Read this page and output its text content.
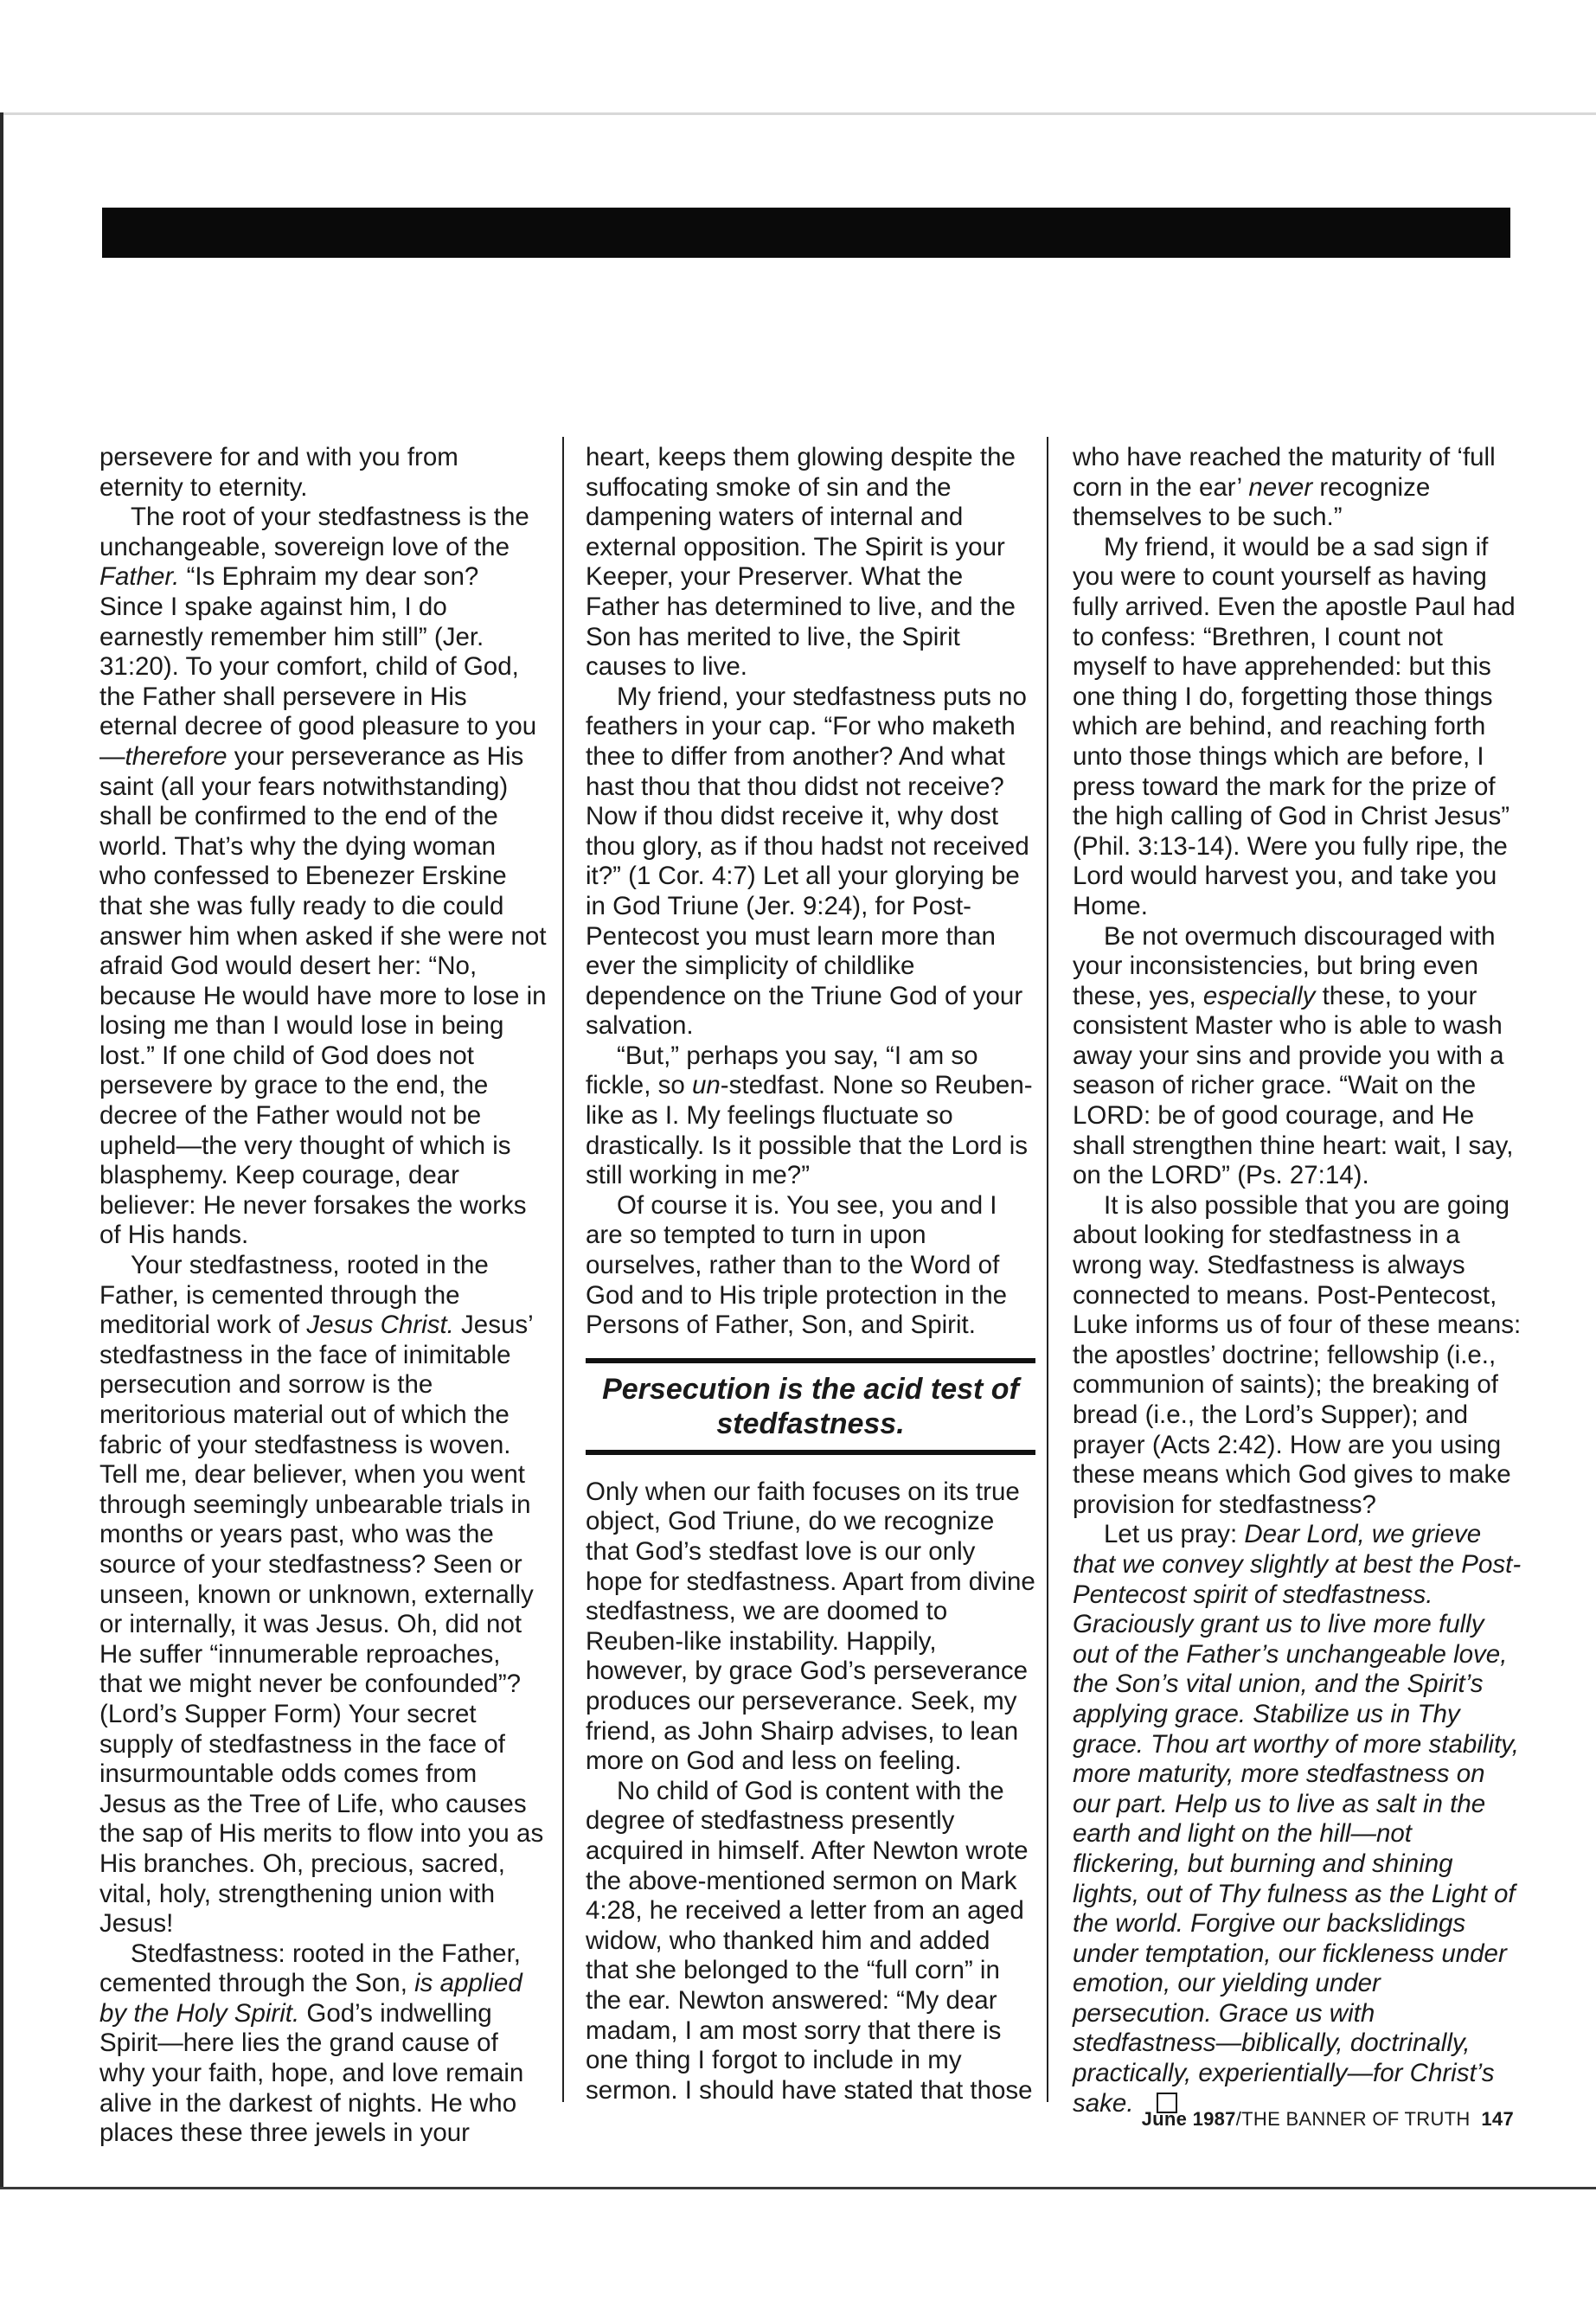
persevere for and with you from eternity to eternity.

The root of your stedfastness is the unchangeable, sovereign love of the Father. “Is Ephraim my dear son? Since I spake against him, I do earnestly remember him still” (Jer. 31:20). To your comfort, child of God, the Father shall persevere in His eternal decree of good pleasure to you—therefore your perseverance as His saint (all your fears notwithstanding) shall be confirmed to the end of the world. That’s why the dying woman who confessed to Ebenezer Erskine that she was fully ready to die could answer him when asked if she were not afraid God would desert her: “No, because He would have more to lose in losing me than I would lose in being lost.” If one child of God does not persevere by grace to the end, the decree of the Father would not be upheld—the very thought of which is blasphemy. Keep courage, dear believer: He never forsakes the works of His hands.

Your stedfastness, rooted in the Father, is cemented through the meditorial work of Jesus Christ. Jesus’ stedfastness in the face of inimitable persecution and sorrow is the meritorious material out of which the fabric of your stedfastness is woven. Tell me, dear believer, when you went through seemingly unbearable trials in months or years past, who was the source of your stedfastness? Seen or unseen, known or unknown, externally or internally, it was Jesus. Oh, did not He suffer “innumerable reproaches, that we might never be confounded”? (Lord’s Supper Form) Your secret supply of stedfastness in the face of insurmountable odds comes from Jesus as the Tree of Life, who causes the sap of His merits to flow into you as His branches. Oh, precious, sacred, vital, holy, strengthening union with Jesus!

Stedfastness: rooted in the Father, cemented through the Son, is applied by the Holy Spirit. God’s indwelling Spirit—here lies the grand cause of why your faith, hope, and love remain alive in the darkest of nights. He who places these three jewels in your

heart, keeps them glowing despite the suffocating smoke of sin and the dampening waters of internal and external opposition. The Spirit is your Keeper, your Preserver. What the Father has determined to live, and the Son has merited to live, the Spirit causes to live.

My friend, your stedfastness puts no feathers in your cap. “For who maketh thee to differ from another? And what hast thou that thou didst not receive? Now if thou didst receive it, why dost thou glory, as if thou hadst not received it?” (1 Cor. 4:7) Let all your glorying be in God Triune (Jer. 9:24), for Post-Pentecost you must learn more than ever the simplicity of childlike dependence on the Triune God of your salvation.

“But,” perhaps you say, “I am so fickle, so un-stedfast. None so Reuben-like as I. My feelings fluctuate so drastically. Is it possible that the Lord is still working in me?”

Of course it is. You see, you and I are so tempted to turn in upon ourselves, rather than to the Word of God and to His triple protection in the Persons of Father, Son, and Spirit.

Persecution is the acid test of stedfastness.

Only when our faith focuses on its true object, God Triune, do we recognize that God’s stedfast love is our only hope for stedfastness. Apart from divine stedfastness, we are doomed to Reuben-like instability. Happily, however, by grace God’s perseverance produces our perseverance. Seek, my friend, as John Shairp advises, to lean more on God and less on feeling.

No child of God is content with the degree of stedfastness presently acquired in himself. After Newton wrote the above-mentioned sermon on Mark 4:28, he received a letter from an aged widow, who thanked him and added that she belonged to the “full corn” in the ear. Newton answered: “My dear madam, I am most sorry that there is one thing I forgot to include in my sermon. I should have stated that those

who have reached the maturity of ‘full corn in the ear’ never recognize themselves to be such.”

My friend, it would be a sad sign if you were to count yourself as having fully arrived. Even the apostle Paul had to confess: “Brethren, I count not myself to have apprehended: but this one thing I do, forgetting those things which are behind, and reaching forth unto those things which are before, I press toward the mark for the prize of the high calling of God in Christ Jesus” (Phil. 3:13-14). Were you fully ripe, the Lord would harvest you, and take you Home.

Be not overmuch discouraged with your inconsistencies, but bring even these, yes, especially these, to your consistent Master who is able to wash away your sins and provide you with a season of richer grace. “Wait on the LORD: be of good courage, and He shall strengthen thine heart: wait, I say, on the LORD” (Ps. 27:14).

It is also possible that you are going about looking for stedfastness in a wrong way. Stedfastness is always connected to means. Post-Pentecost, Luke informs us of four of these means: the apostles’ doctrine; fellowship (i.e., communion of saints); the breaking of bread (i.e., the Lord’s Supper); and prayer (Acts 2:42). How are you using these means which God gives to make provision for stedfastness?

Let us pray: Dear Lord, we grieve that we convey slightly at best the Post-Pentecost spirit of stedfastness. Graciously grant us to live more fully out of the Father’s unchangeable love, the Son’s vital union, and the Spirit’s applying grace. Stabilize us in Thy grace. Thou art worthy of more stability, more maturity, more stedfastness on our part. Help us to live as salt in the earth and light on the hill—not flickering, but burning and shining lights, out of Thy fulness as the Light of the world. Forgive our backslidings under temptation, our fickleness under emotion, our yielding under persecution. Grace us with stedfastness—biblically, doctrinally, practically, experientially—for Christ’s sake.

June 1987/THE BANNER OF TRUTH 147
